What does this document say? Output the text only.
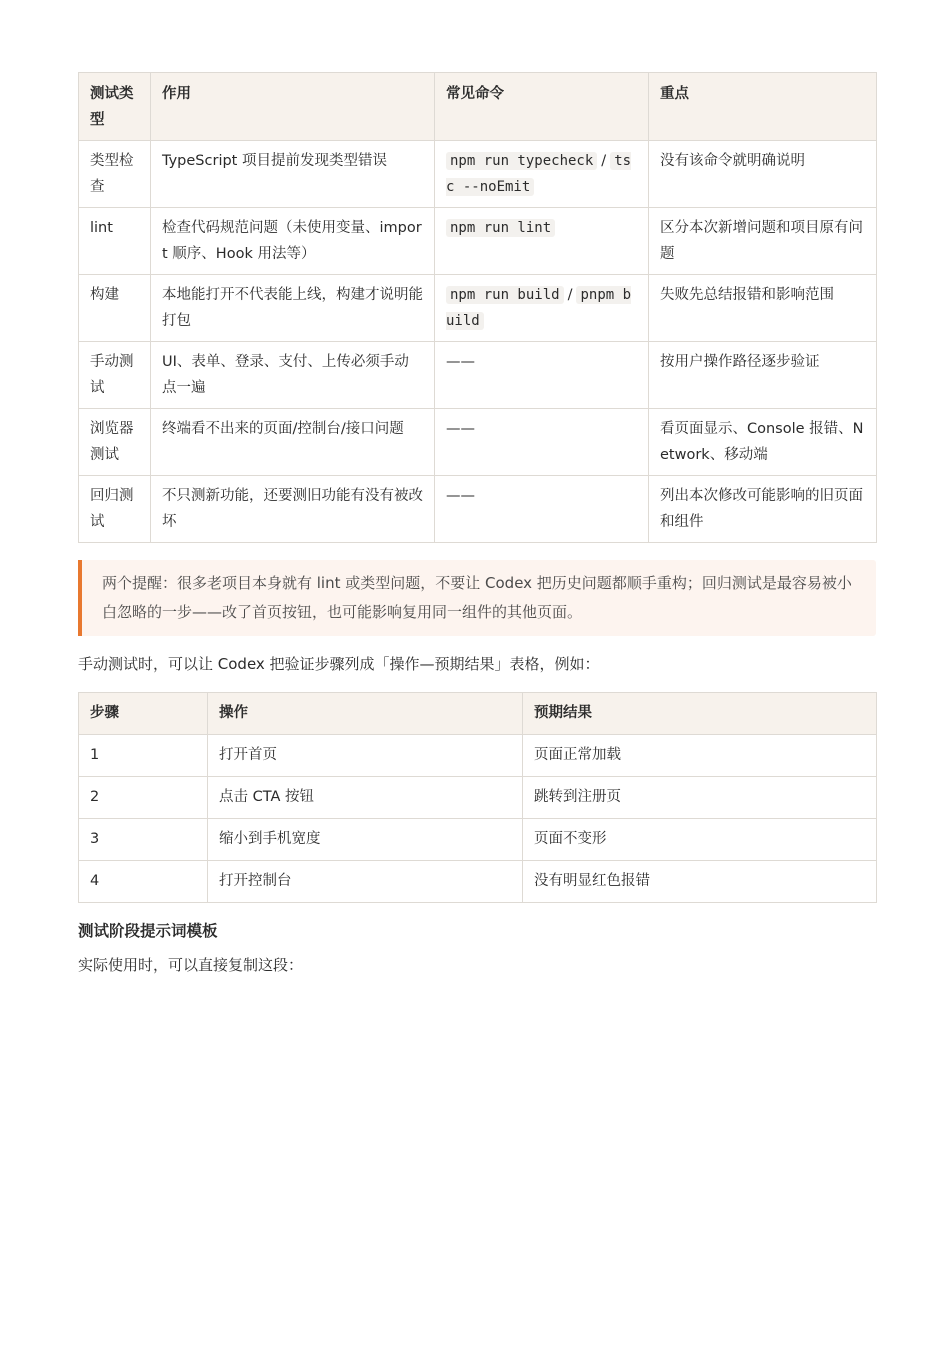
测试类型	作用	常见命令	重点
类型检查	TypeScript 项目提前发现类型错误	npm run typecheck / tsc --noEmit	没有该命令就明确说明
lint	检查代码规范问题（未使用变量、import 顺序、Hook 用法等）	npm run lint	区分本次新增问题和项目原有问题
构建	本地能打开不代表能上线，构建才说明能打包	npm run build / pnpm build	失败先总结报错和影响范围
手动测试	UI、表单、登录、支付、上传必须手动点一遍	——	按用户操作路径逐步验证
浏览器测试	终端看不出来的页面/控制台/接口问题	——	看页面显示、Console 报错、Network、移动端
回归测试	不只测新功能，还要测旧功能有没有被改坏	——	列出本次修改可能影响的旧页面和组件
两个提醒：很多老项目本身就有 lint 或类型问题，不要让 Codex 把历史问题都顺手重构；回归测试是最容易被小白忽略的一步——改了首页按钮，也可能影响复用同一组件的其他页面。
手动测试时，可以让 Codex 把验证步骤列成「操作—预期结果」表格，例如：
步骤	操作	预期结果
1	打开首页	页面正常加载
2	点击 CTA 按钮	跳转到注册页
3	缩小到手机宽度	页面不变形
4	打开控制台	没有明显红色报错
测试阶段提示词模板
实际使用时，可以直接复制这段：
